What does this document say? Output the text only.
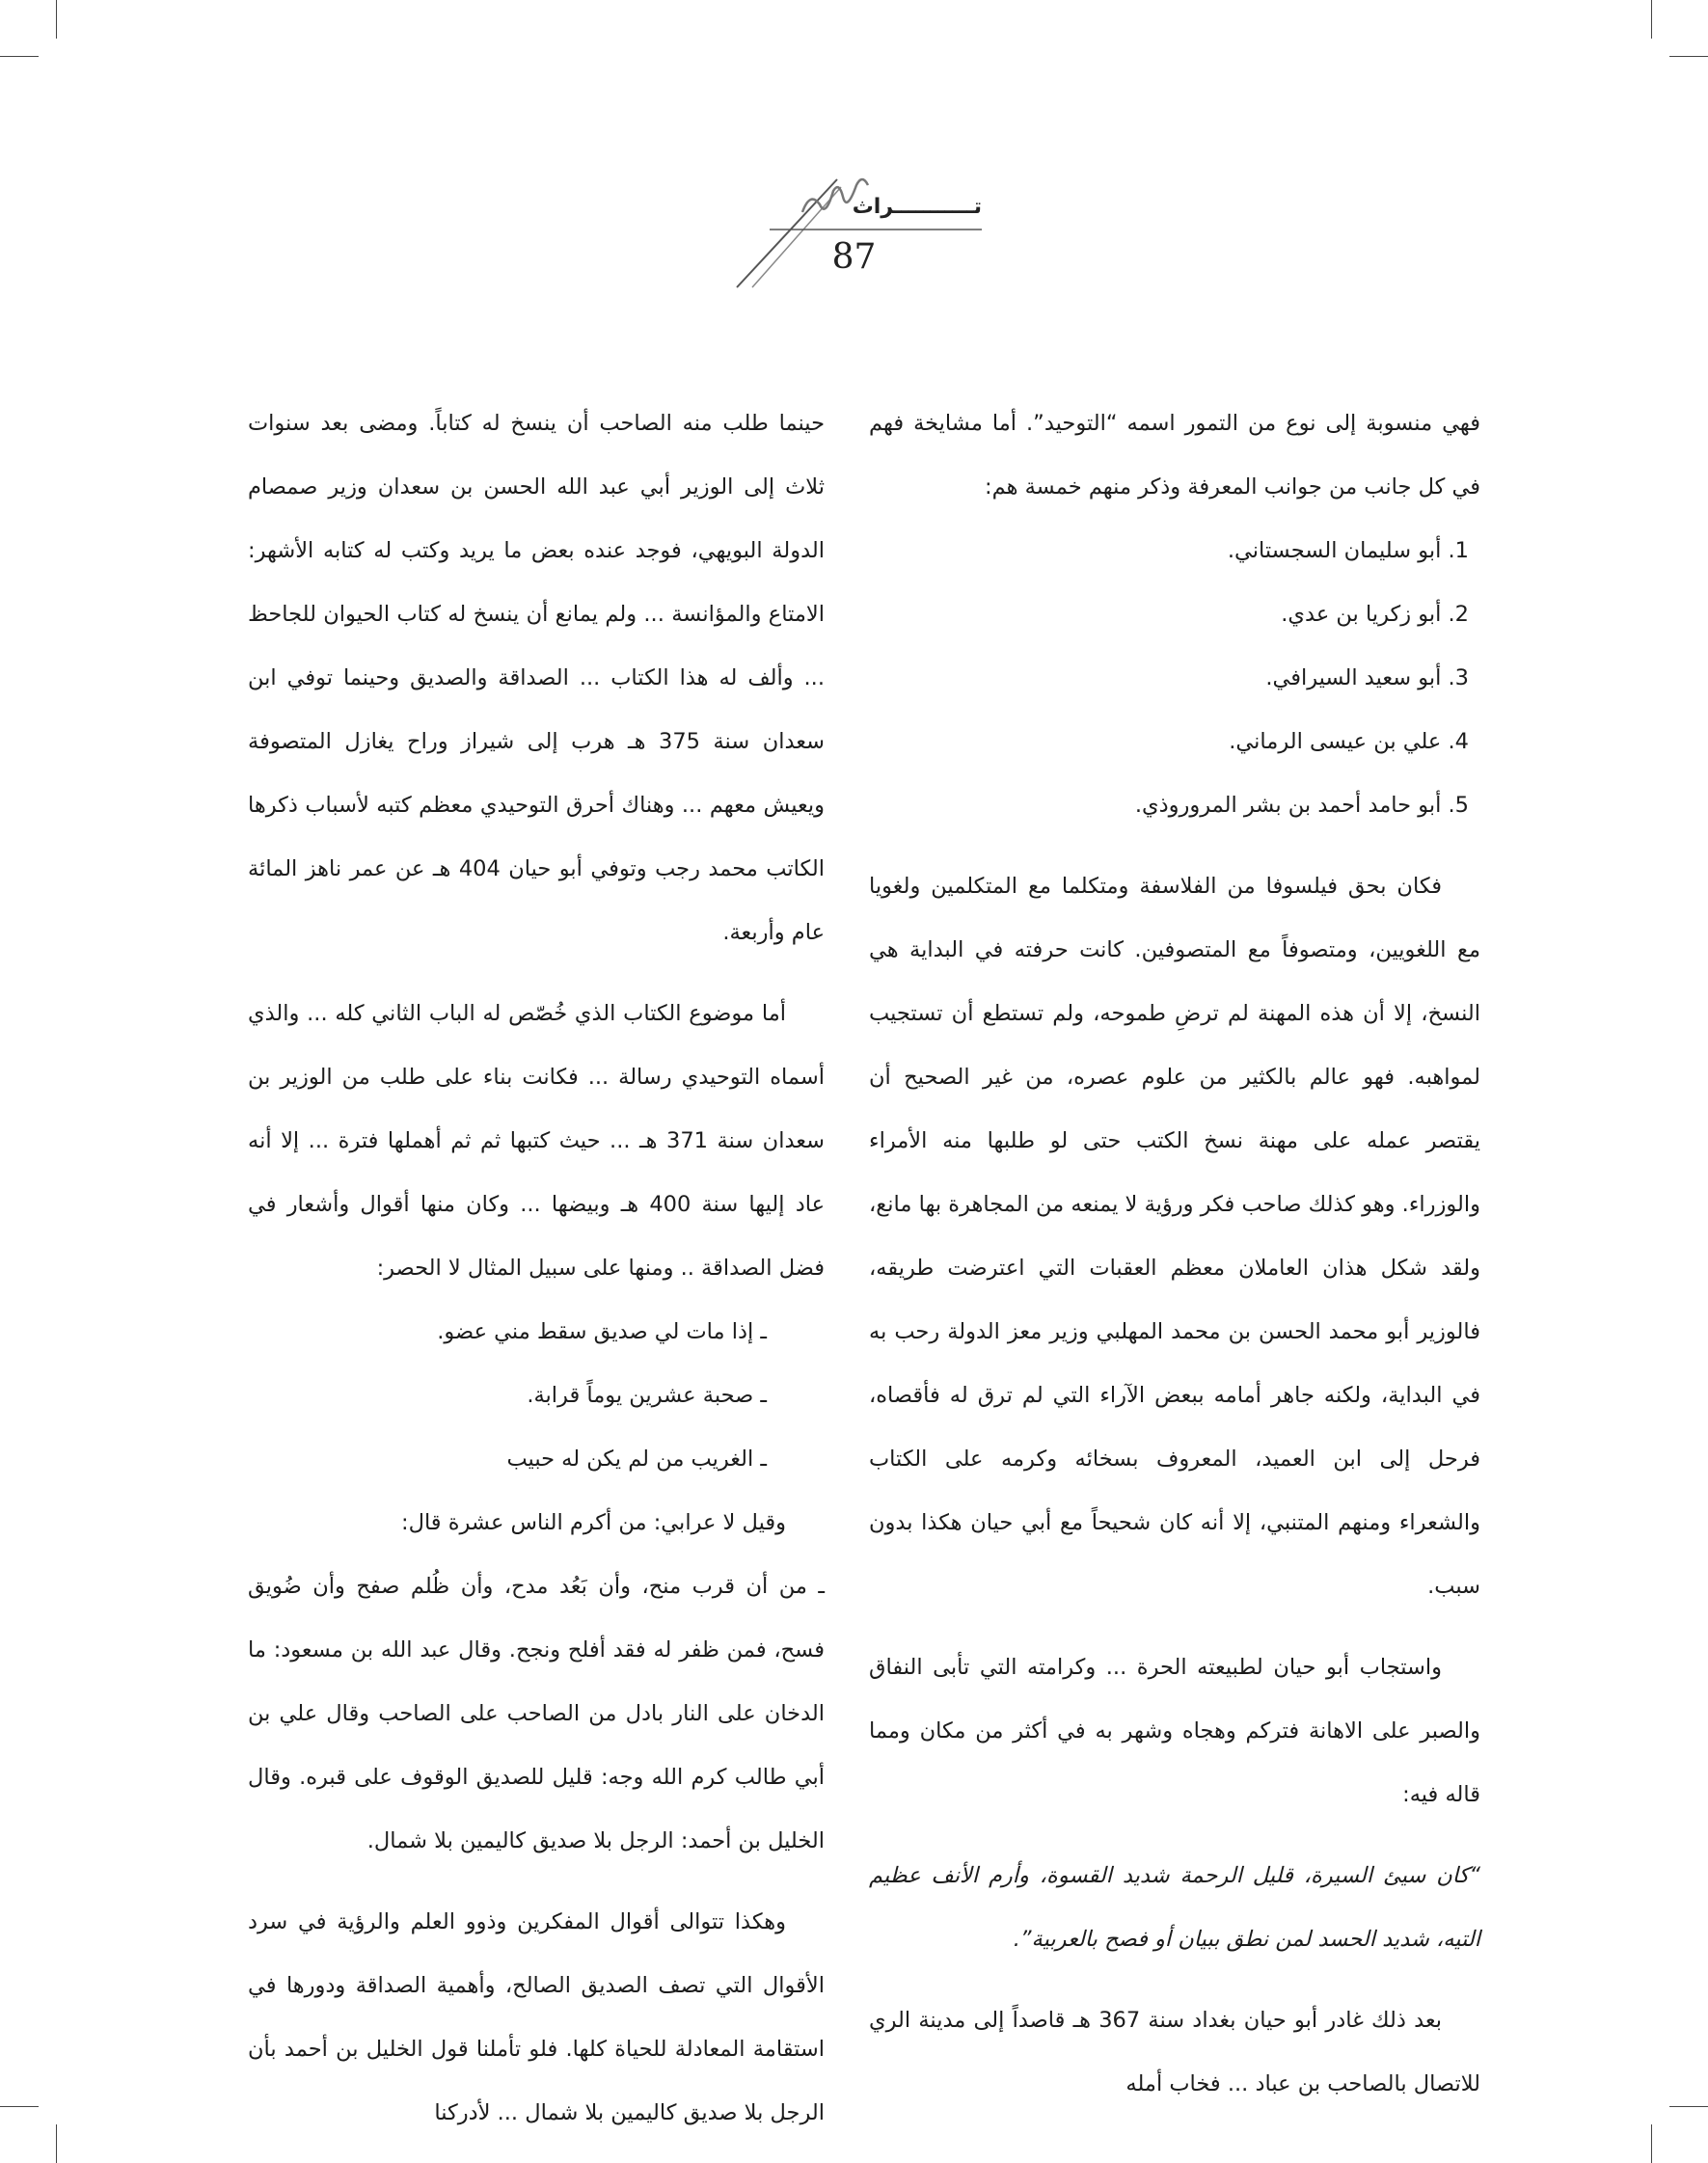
تـــــــــــراث
87

فهي منسوبة إلى نوع من التمور اسمه “التوحيد”. أما مشايخة فهم في كل جانب من جوانب المعرفة وذكر منهم خمسة هم:

1. أبو سليمان السجستاني.
2. أبو زكريا بن عدي.
3. أبو سعيد السيرافي.
4. علي بن عيسى الرماني.
5. أبو حامد أحمد بن بشر المروروذي.

فكان بحق فيلسوفا من الفلاسفة ومتكلما مع المتكلمين ولغويا مع اللغويين، ومتصوفاً مع المتصوفين. كانت حرفته في البداية هي النسخ، إلا أن هذه المهنة لم ترضِ طموحه، ولم تستطع أن تستجيب لمواهبه. فهو عالم بالكثير من علوم عصره، من غير الصحيح أن يقتصر عمله على مهنة نسخ الكتب حتى لو طلبها منه الأمراء والوزراء. وهو كذلك صاحب فكر ورؤية لا يمنعه من المجاهرة بها مانع، ولقد شكل هذان العاملان معظم العقبات التي اعترضت طريقه، فالوزير أبو محمد الحسن بن محمد المهلبي وزير معز الدولة رحب به في البداية، ولكنه جاهر أمامه ببعض الآراء التي لم ترق له فأقصاه، فرحل إلى ابن العميد، المعروف بسخائه وكرمه على الكتاب والشعراء ومنهم المتنبي، إلا أنه كان شحيحاً مع أبي حيان هكذا بدون سبب.

واستجاب أبو حيان لطبيعته الحرة ... وكرامته التي تأبى النفاق والصبر على الاهانة فتركم وهجاه وشهر به في أكثر من مكان ومما قاله فيه:

“كان سيئ السيرة، قليل الرحمة شديد القسوة، وأرم الأنف عظيم التيه، شديد الحسد لمن نطق ببيان أو فصح بالعربية”.

بعد ذلك غادر أبو حيان بغداد سنة 367 هـ قاصداً إلى مدينة الري للاتصال بالصاحب بن عباد ... فخاب أمله

حينما طلب منه الصاحب أن ينسخ له كتاباً. ومضى بعد سنوات ثلاث إلى الوزير أبي عبد الله الحسن بن سعدان وزير صمصام الدولة البويهي، فوجد عنده بعض ما يريد وكتب له كتابه الأشهر: الامتاع والمؤانسة ... ولم يمانع أن ينسخ له كتاب الحيوان للجاحظ ... وألف له هذا الكتاب ... الصداقة والصديق وحينما توفي ابن سعدان سنة 375 هـ هرب إلى شيراز وراح يغازل المتصوفة ويعيش معهم ... وهناك أحرق التوحيدي معظم كتبه لأسباب ذكرها الكاتب محمد رجب وتوفي أبو حيان 404 هـ عن عمر ناهز المائة عام وأربعة.

أما موضوع الكتاب الذي خُصّص له الباب الثاني كله ... والذي أسماه التوحيدي رسالة ... فكانت بناء على طلب من الوزير بن سعدان سنة 371 هـ ... حيث كتبها ثم ثم أهملها فترة ... إلا أنه عاد إليها سنة 400 هـ وبيضها ... وكان منها أقوال وأشعار في فضل الصداقة .. ومنها على سبيل المثال لا الحصر:

ـ إذا مات لي صديق سقط مني عضو.

ـ صحبة عشرين يوماً قرابة.

ـ الغريب من لم يكن له حبيب

وقيل لا عرابي: من أكرم الناس عشرة قال:

ـ من أن قرب منح، وأن بَعُد مدح، وأن ظُلم صفح وأن ضُويق فسح، فمن ظفر له فقد أفلح ونجح. وقال عبد الله بن مسعود: ما الدخان على النار بادل من الصاحب على الصاحب وقال علي بن أبي طالب كرم الله وجه: قليل للصديق الوقوف على قبره. وقال الخليل بن أحمد: الرجل بلا صديق كاليمين بلا شمال.

وهكذا تتوالى أقوال المفكرين وذوو العلم والرؤية في سرد الأقوال التي تصف الصديق الصالح، وأهمية الصداقة ودورها في استقامة المعادلة للحياة كلها. فلو تأملنا قول الخليل بن أحمد بأن الرجل بلا صديق كاليمين بلا شمال ... لأدركنا
